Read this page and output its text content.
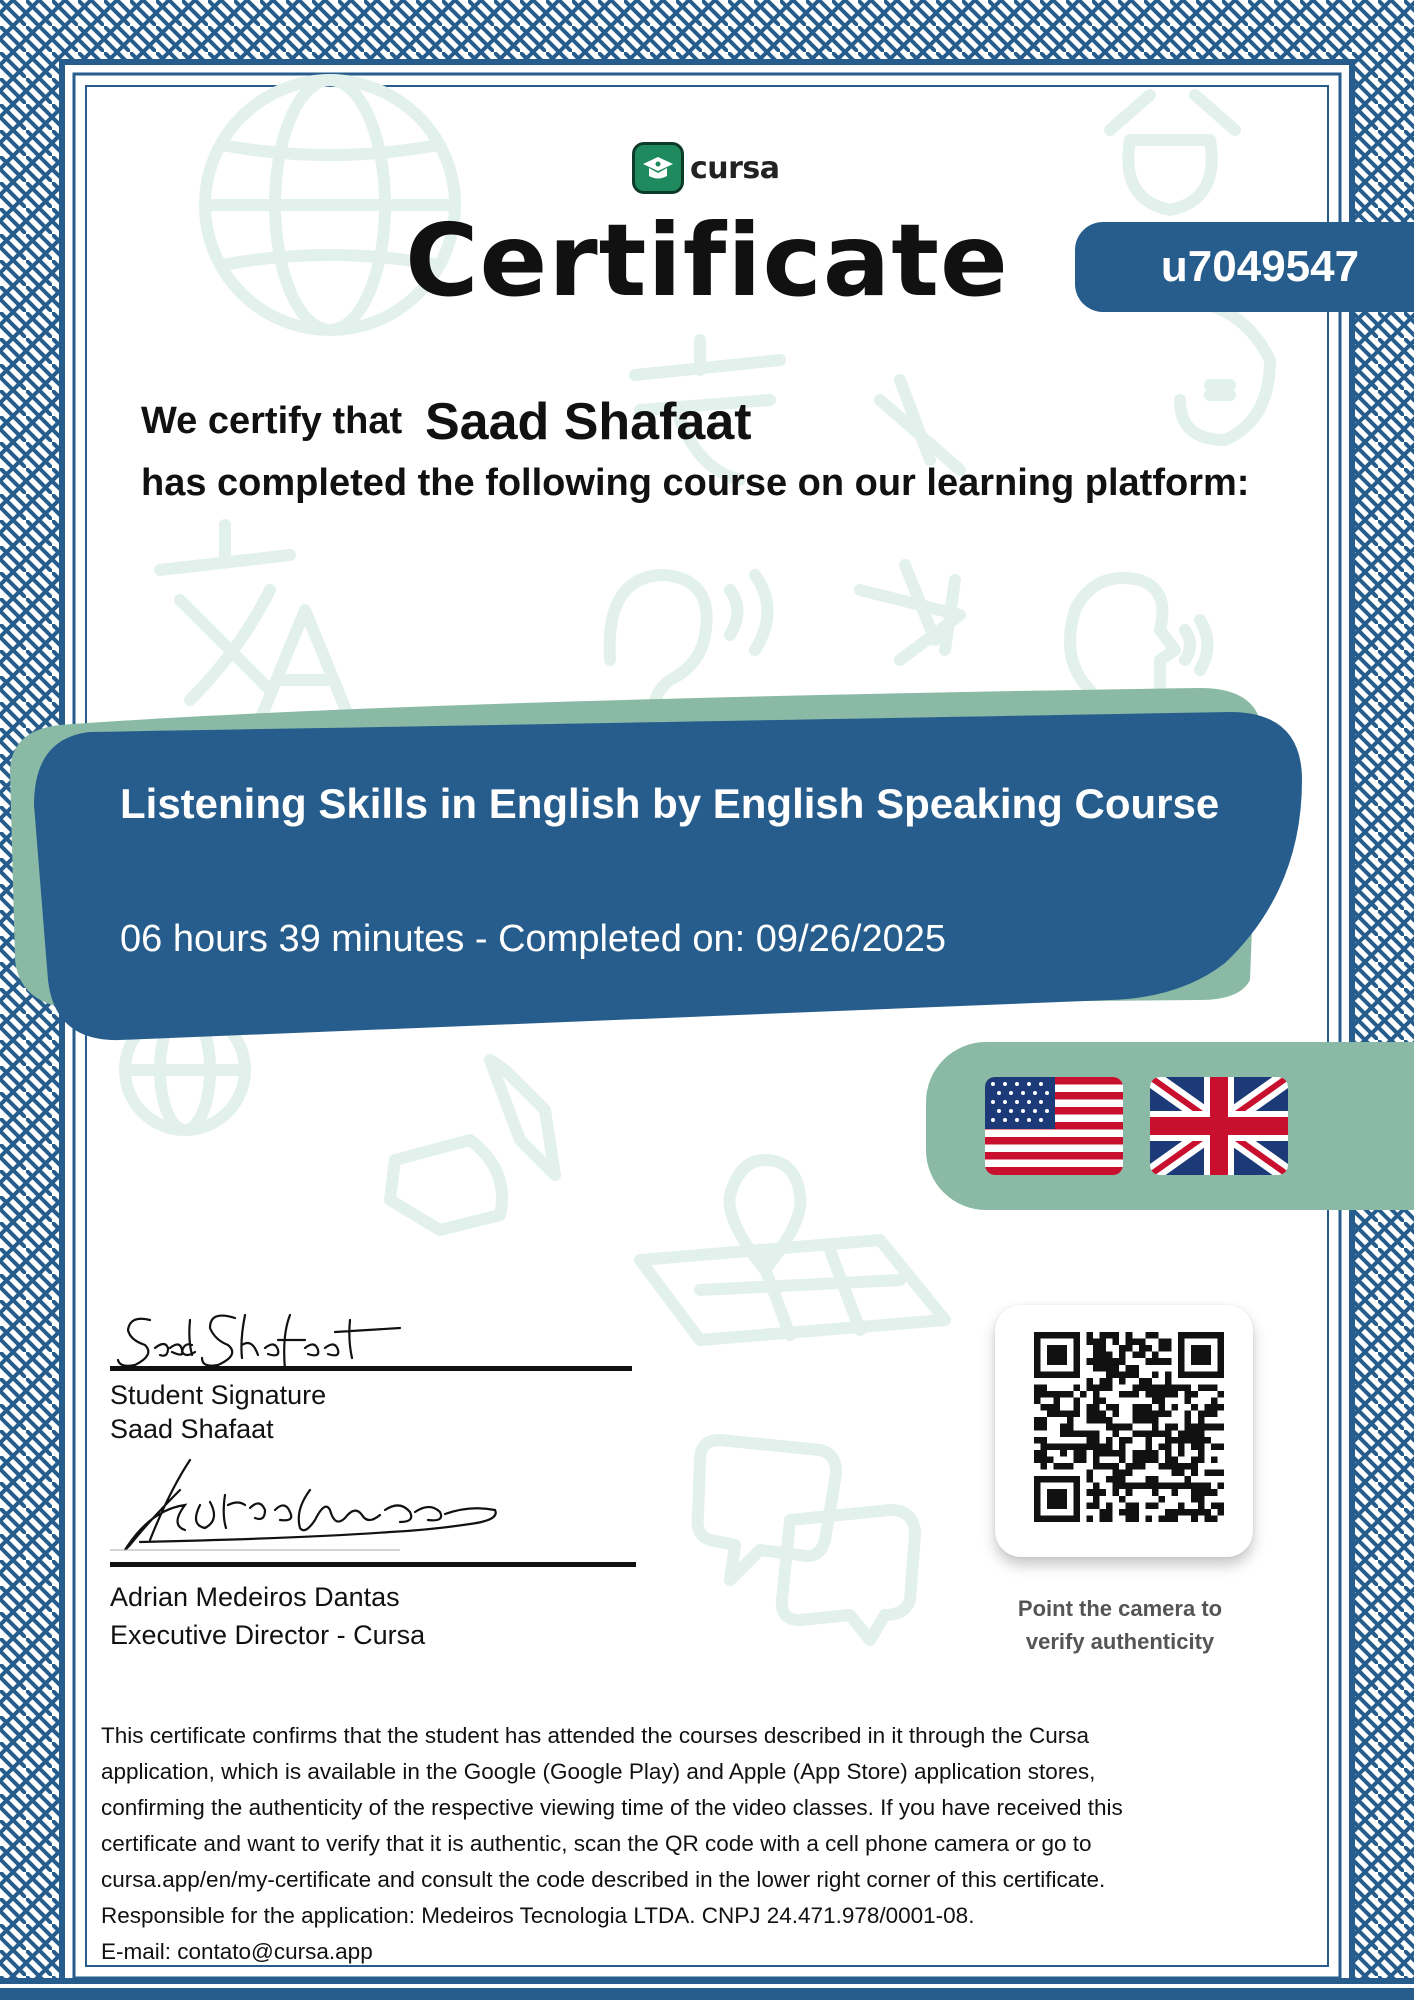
cursa
Certificate	u7049547
We certify that Saad Shafaat
has completed the following course on our learning platform:
Listening Skills in English by English Speaking Course
06 hours 39 minutes - Completed on: 09/26/2025
Student Signature
Saad Shafaat
Adrian Medeiros Dantas
Executive Director - Cursa
Point the camera to
verify authenticity

This certificate confirms that the student has attended the courses described in it through the Cursa

application, which is available in the Google (Google Play) and Apple (App Store) application stores,

confirming the authenticity of the respective viewing time of the video classes. If you have received this

certificate and want to verify that it is authentic, scan the QR code with a cell phone camera or go to

cursa.app/en/my-certificate and consult the code described in the lower right corner of this certificate.

Responsible for the application: Medeiros Tecnologia LTDA. CNPJ 24.471.978/0001-08.

E-mail: contato@cursa.app
